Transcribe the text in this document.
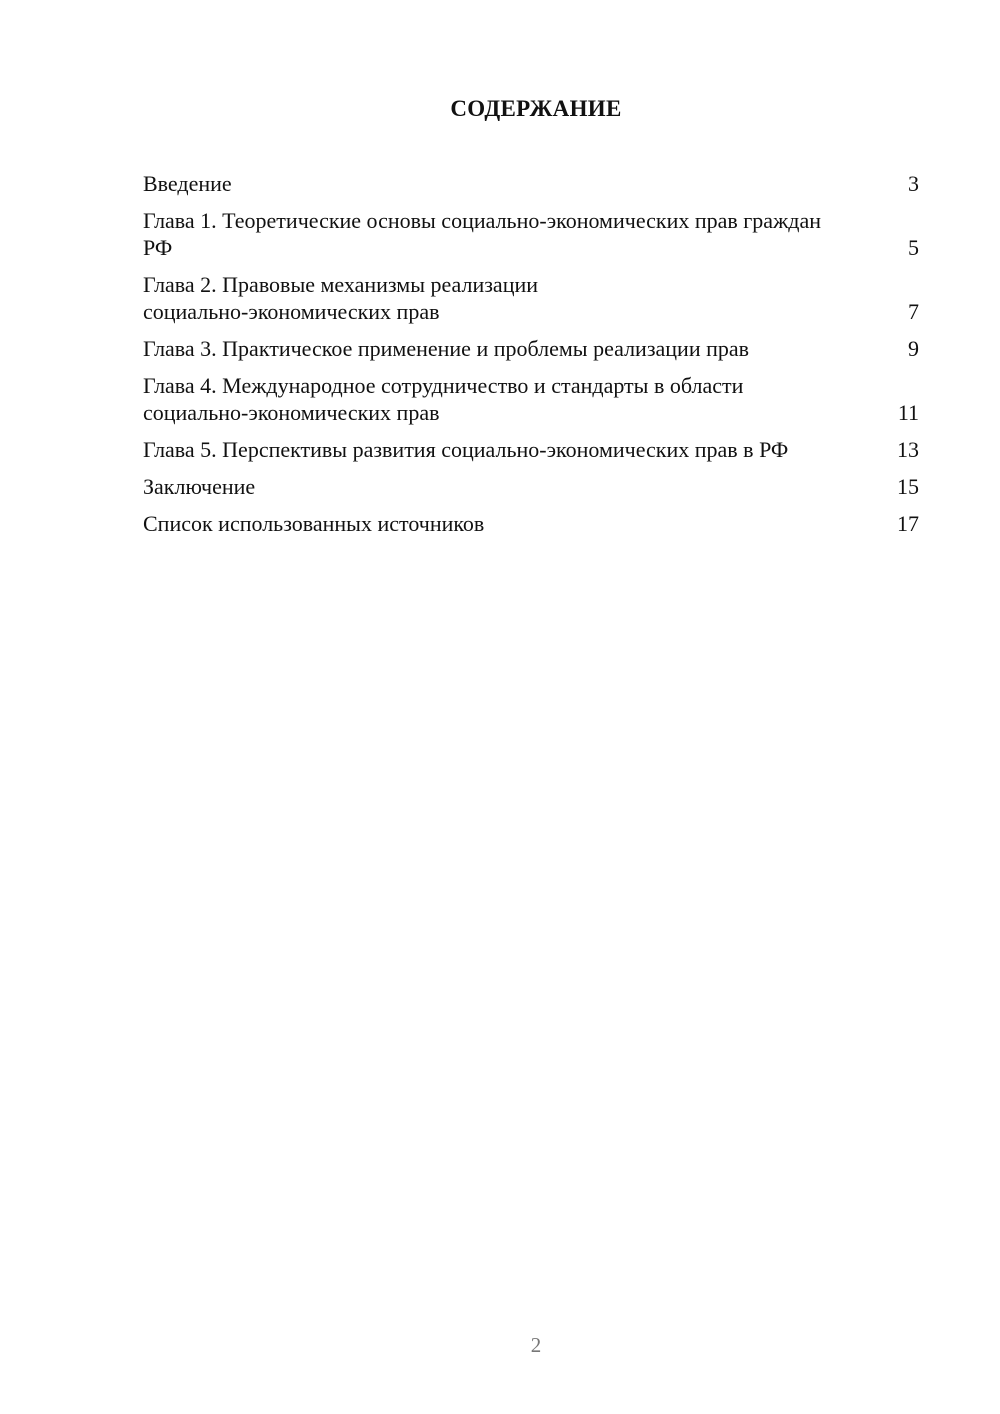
СОДЕРЖАНИЕ
Введение	3
Глава 1. Теоретические основы социально-экономических прав граждан РФ	5
Глава 2. Правовые механизмы реализации социально-экономических прав	7
Глава 3. Практическое применение и проблемы реализации прав	9
Глава 4. Международное сотрудничество и стандарты в области социально-экономических прав	11
Глава 5. Перспективы развития социально-экономических прав в РФ	13
Заключение	15
Список использованных источников	17
2
